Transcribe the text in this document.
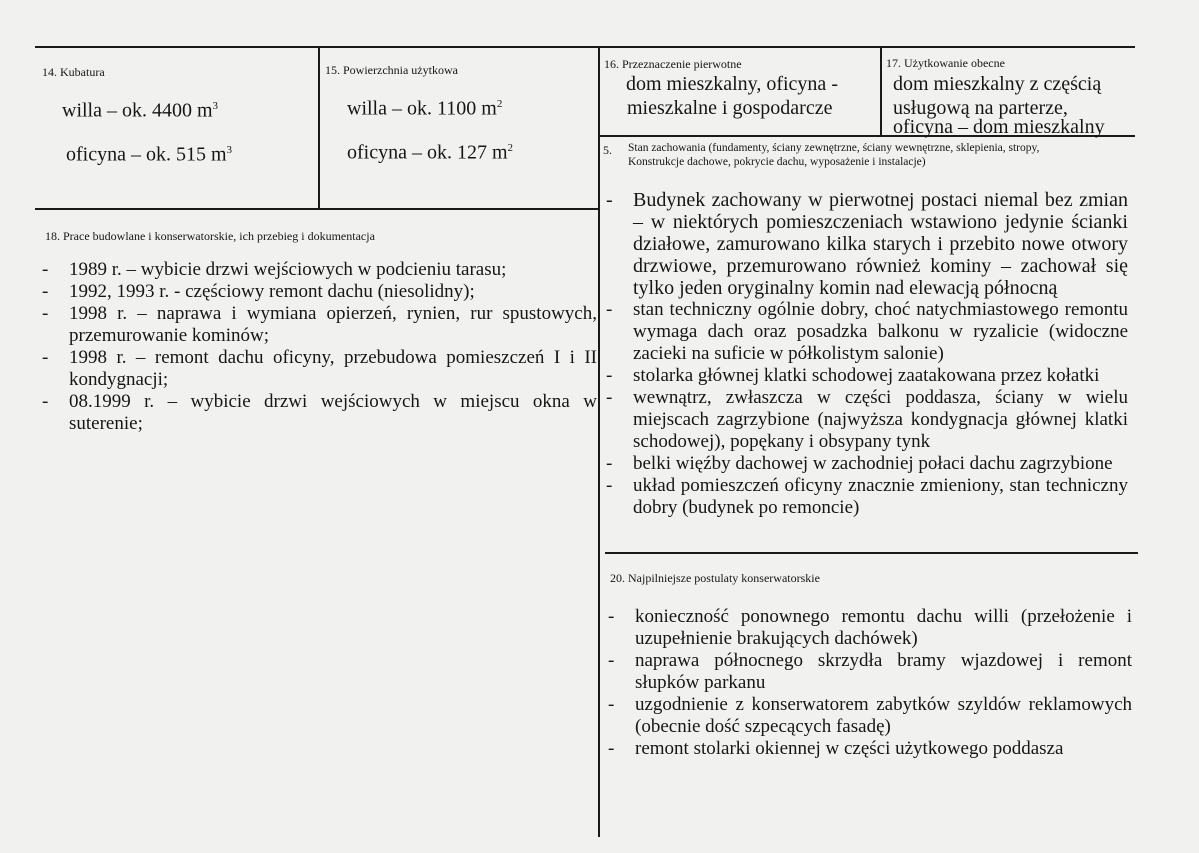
14. Kubatura
willa – ok. 4400 $m^3$
oficyna – ok. 515 $m^3$
15. Powierzchnia użytkowa
willa – ok. 1100 $m^2$
oficyna – ok. 127 $m^2$
16. Przeznaczenie pierwotne
dom mieszkalny, oficyna -
mieszkalne i gospodarcze
17. Użytkowanie obecne
dom mieszkalny z częścią
usługową na parterze,
oficyna – dom mieszkalny
5. Stan zachowania (fundamenty, ściany zewnętrzne, ściany wewnętrzne, sklepienia, stropy,
Konstrukcje dachowe, pokrycie dachu, wyposażenie i instalacje)
- Budynek zachowany w pierwotnej postaci niemal bez zmian – w niektórych pomieszczeniach wstawiono jedynie ścianki działowe, zamurowano kilka starych i przebito nowe otwory drzwiowe, przemurowano również kominy – zachował się tylko jeden oryginalny komin nad elewacją północną
- stan techniczny ogólnie dobry, choć natychmiastowego remontu wymaga dach oraz posadzka balkonu w ryzalicie (widoczne zacieki na suficie w półkolistym salonie)
- stolarka głównej klatki schodowej zaatakowana przez kołatki
- wewnątrz, zwłaszcza w części poddasza, ściany w wielu miejscach zagrzybione (najwyższa kondygnacja głównej klatki schodowej), popękany i obsypany tynk
- belki więźby dachowej w zachodniej połaci dachu zagrzybione
- układ pomieszczeń oficyny znacznie zmieniony, stan techniczny dobry (budynek po remoncie)
18. Prace budowlane i konserwatorskie, ich przebieg i dokumentacja
- 1989 r. – wybicie drzwi wejściowych w podcieniu tarasu;
- 1992, 1993 r. - częściowy remont dachu (niesolidny);
- 1998 r. – naprawa i wymiana opierzeń, rynien, rur spustowych, przemurowanie kominów;
- 1998 r. – remont dachu oficyny, przebudowa pomieszczeń I i II kondygnacji;
- 08.1999 r. – wybicie drzwi wejściowych w miejscu okna w suterenie;
20. Najpilniejsze postulaty konserwatorskie
- konieczność ponownego remontu dachu willi (przełożenie i uzupełnienie brakujących dachówek)
- naprawa północnego skrzydła bramy wjazdowej i remont słupków parkanu
- uzgodnienie z konserwatorem zabytków szyldów reklamowych (obecnie dość szpecących fasadę)
- remont stolarki okiennej w części użytkowego poddasza
